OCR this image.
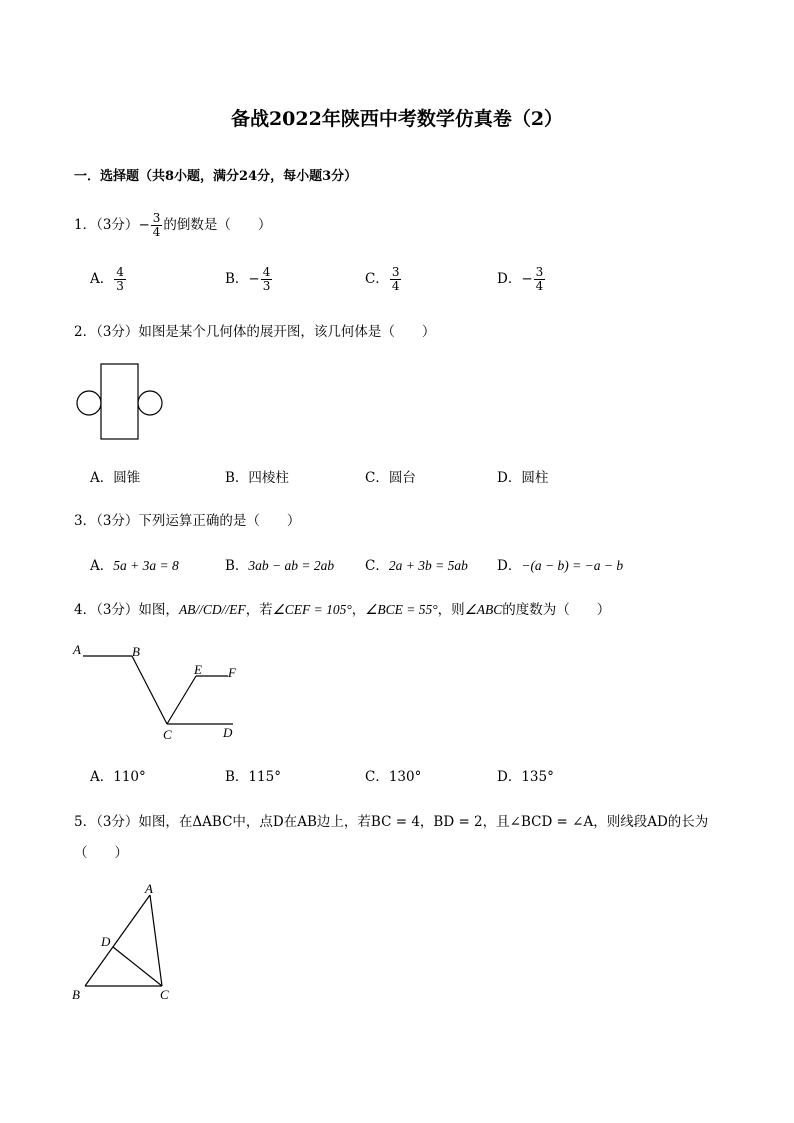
备战2022年陕西中考数学仿真卷（2）
一．选择题（共8小题，满分24分，每小题3分）
1．（3分）− $\frac{3}{4}$ 的倒数是（　　）
A． $\frac{4}{3}$	B．− $\frac{4}{3}$	C． $\frac{3}{4}$	D．− $\frac{3}{4}$
2．（3分）如图是某个几何体的展开图，该几何体是（　　）
A．圆锥	B．四棱柱	C．圆台	D．圆柱
3．（3分）下列运算正确的是（　　）
A．5a + 3a = 8	B．3ab − ab = 2ab C．2a + 3b = 5ab D．−(a − b) = −a − b
4．（3分）如图，AB//CD//EF，若∠CEF = 105°，∠BCE = 55°，则∠ABC的度数为（　　）
A	B
E F
C	D
A．110°	B．115°	C．130°	D．135°
5．（3分）如图，在ΔABC中，点D在AB边上，若BC = 4，BD = 2，且∠BCD = ∠A，则线段AD的长为
（　　）
A
D
B	C
